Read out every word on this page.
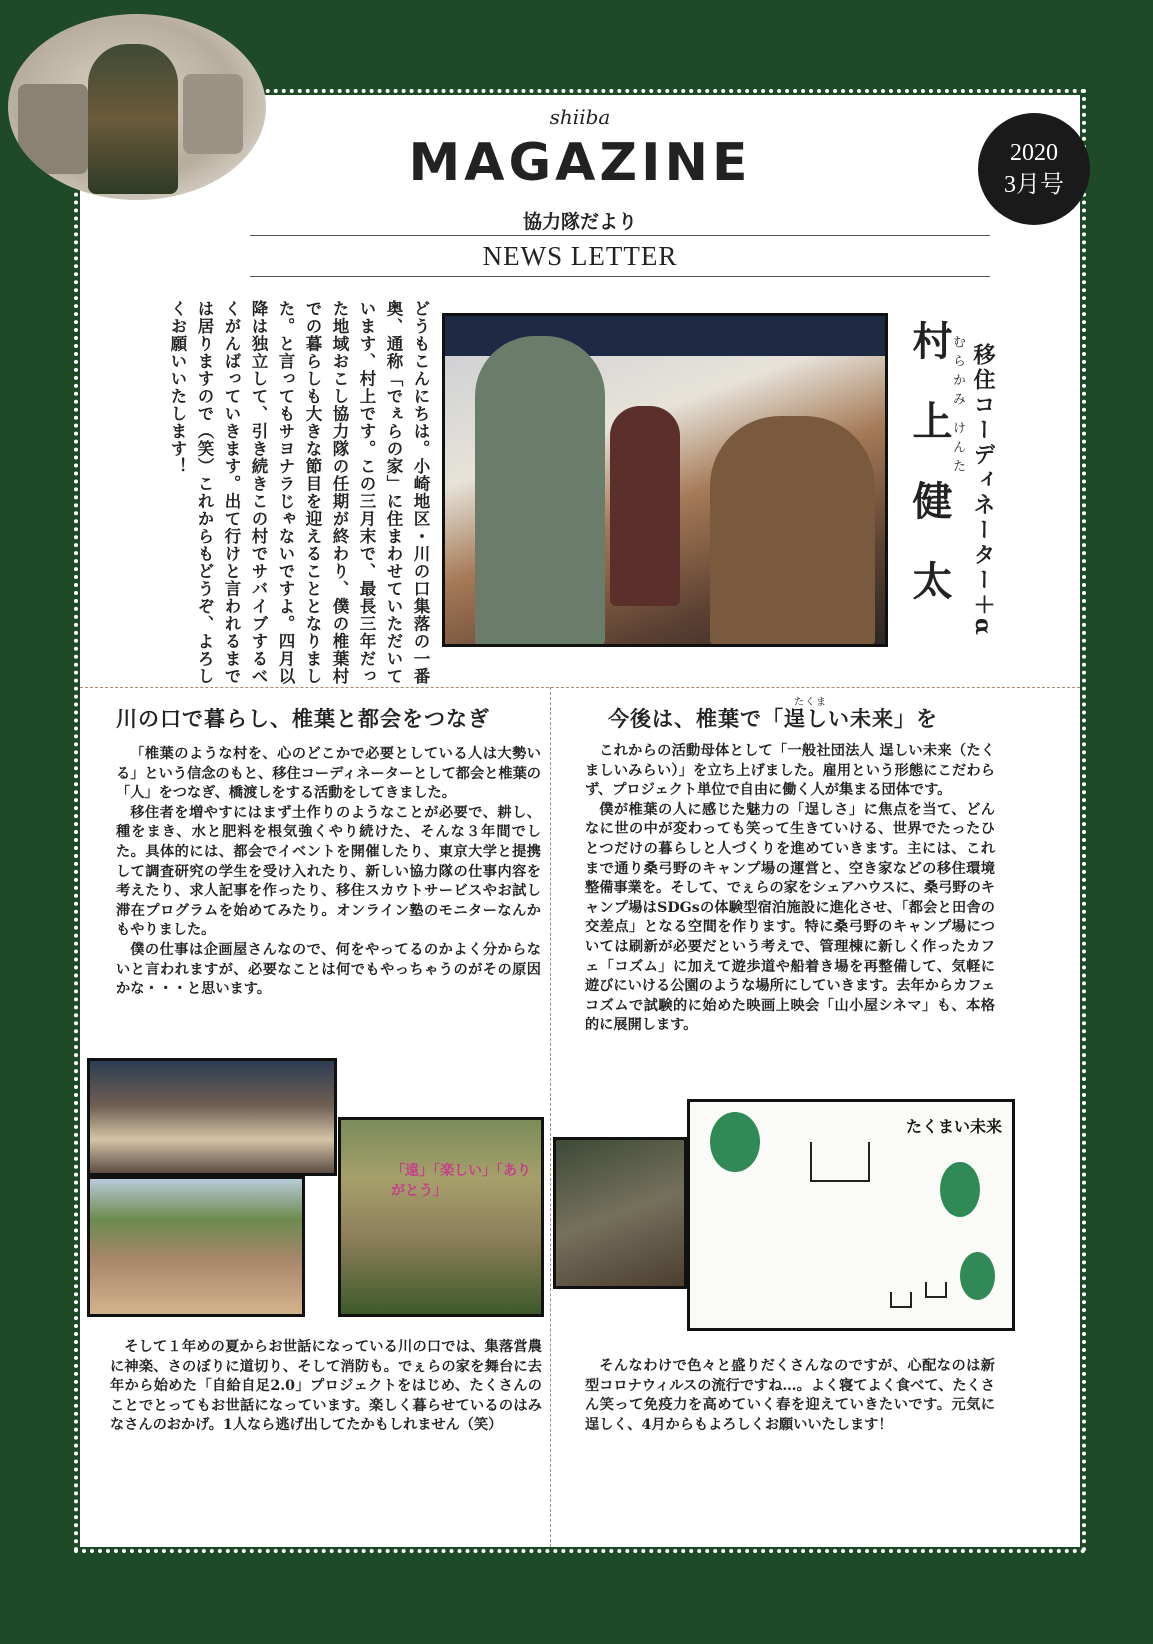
shiiba
MAGAZINE
協力隊だより
NEWS LETTER
2020
3月号
どうもこんにちは。小崎地区・川の口集落の一番奥、通称「でぇらの家」に住まわせていただいています、村上です。この三月末で、最長三年だった地域おこし協力隊の任期が終わり、僕の椎葉村での暮らしも大きな節目を迎えることとなりました。と言ってもサヨナラじゃないですよ。四月以降は独立して、引き続きこの村でサバイブするべくがんばっていきます。出て行けと言われるまでは居りますので（笑）これからもどうぞ、よろしくお願いいたします！	村上健太
むらかみ けんた 移住コーディネーター＋α
川の口で暮らし、椎葉と都会をつなぎ

「椎葉のような村を、心のどこかで必要としている人は大勢いる」という信念のもと、移住コーディネーターとして都会と椎葉の「人」をつなぎ、橋渡しをする活動をしてきました。

移住者を増やすにはまず土作りのようなことが必要で、耕し、種をまき、水と肥料を根気強くやり続けた、そんな３年間でした。具体的には、都会でイベントを開催したり、東京大学と提携して調査研究の学生を受け入れたり、新しい協力隊の仕事内容を考えたり、求人記事を作ったり、移住スカウトサービスやお試し滞在プログラムを始めてみたり。オンライン塾のモニターなんかもやりました。

僕の仕事は企画屋さんなので、何をやってるのかよく分からないと言われますが、必要なことは何でもやっちゃうのがその原因かな・・・と思います。

「遠」「楽しい」「ありがとう」

そして１年めの夏からお世話になっている川の口では、集落営農に神楽、さのぼりに道切り、そして消防も。でぇらの家を舞台に去年から始めた「自給自足2.0」プロジェクトをはじめ、たくさんのことでとってもお世話になっています。楽しく暮らせているのはみなさんのおかげ。1人なら逃げ出してたかもしれません（笑）

今後は、椎葉で「
たくま
逞しい未来」を

これからの活動母体として「一般社団法人 逞しい未来（たくましいみらい）」を立ち上げました。雇用という形態にこだわらず、プロジェクト単位で自由に働く人が集まる団体です。

僕が椎葉の人に感じた魅力の「逞しさ」に焦点を当て、どんなに世の中が変わっても笑って生きていける、世界でたったひとつだけの暮らしと人づくりを進めていきます。主には、これまで通り桑弓野のキャンプ場の運営と、空き家などの移住環境整備事業を。そして、でぇらの家をシェアハウスに、桑弓野のキャンプ場はSDGsの体験型宿泊施設に進化させ、「都会と田舎の交差点」となる空間を作ります。特に桑弓野のキャンプ場については刷新が必要だという考えで、管理棟に新しく作ったカフェ「コズム」に加えて遊歩道や船着き場を再整備して、気軽に遊びにいける公園のような場所にしていきます。去年からカフェコズムで試験的に始めた映画上映会「山小屋シネマ」も、本格的に展開します。

たくまい未来

そんなわけで色々と盛りだくさんなのですが、心配なのは新型コロナウィルスの流行ですね…。よく寝てよく食べて、たくさん笑って免疫力を高めていく春を迎えていきたいです。元気に逞しく、4月からもよろしくお願いいたします！
